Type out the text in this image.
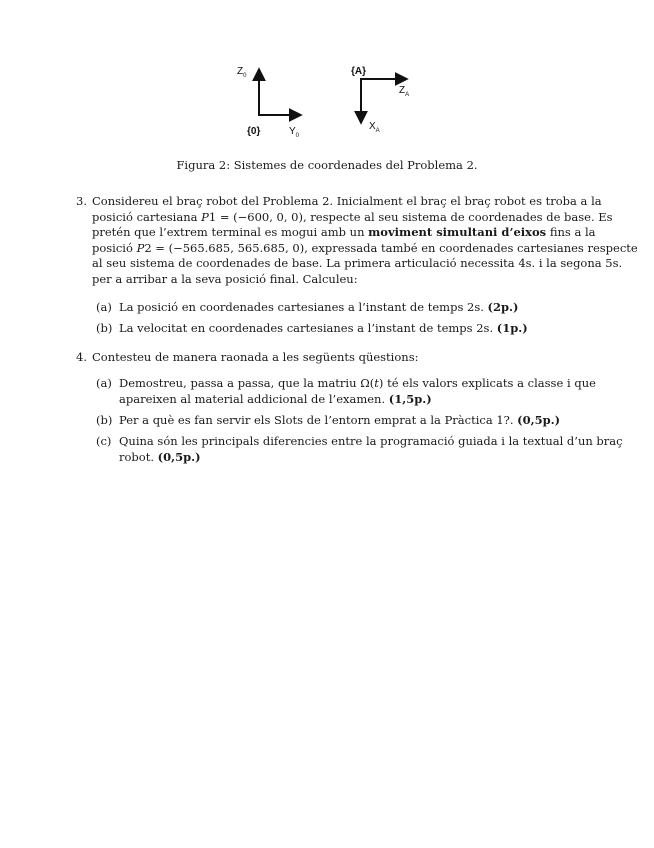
$Z_0$
$Y_0$
{0}
{A}
$Z_A$
$X_A$
Figura 2: Sistemes de coordenades del Problema 2.
3. Considereu el braç robot del Problema 2. Inicialment el braç el braç robot es troba a la
posició cartesiana P1 = (−600, 0, 0), respecte al seu sistema de coordenades de base. Es
pretén que l’extrem terminal es mogui amb un moviment simultani d’eixos fins a la
posició P2 = (−565.685, 565.685, 0), expressada també en coordenades cartesianes respecte
al seu sistema de coordenades de base. La primera articulació necessita 4s. i la segona 5s.
per a arribar a la seva posició final. Calculeu:
(a) La posició en coordenades cartesianes a l’instant de temps 2s. (2p.)
(b) La velocitat en coordenades cartesianes a l’instant de temps 2s. (1p.)
4. Contesteu de manera raonada a les següents qüestions:
(a) Demostreu, passa a passa, que la matriu Ω(t) té els valors explicats a classe i que
apareixen al material addicional de l’examen. (1,5p.)
(b) Per a què es fan servir els Slots de l’entorn emprat a la Pràctica 1?. (0,5p.)
(c) Quina són les principals diferencies entre la programació guiada i la textual d’un braç
robot. (0,5p.)
